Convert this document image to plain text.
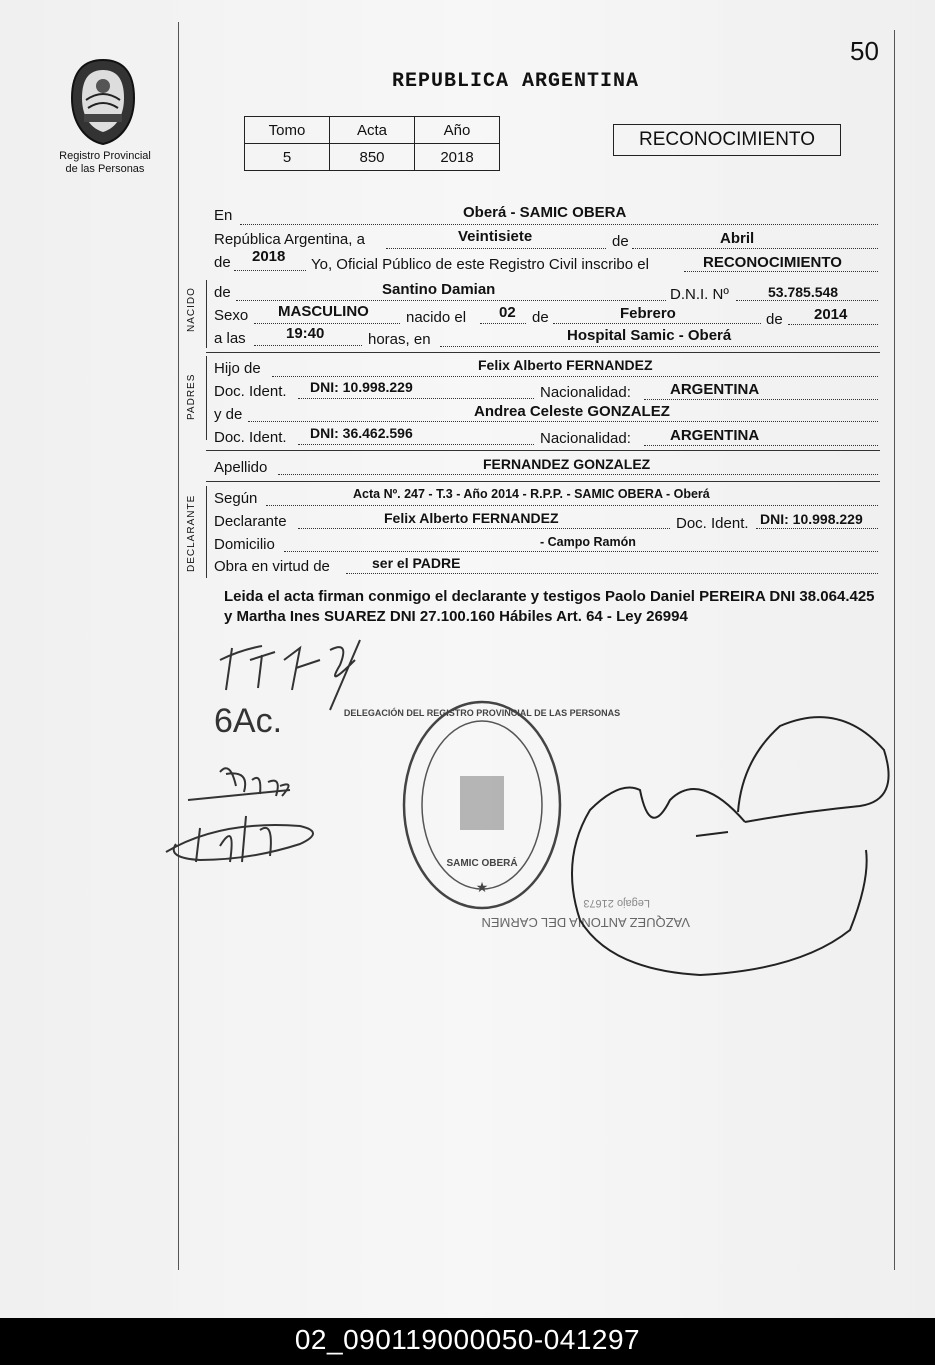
50
Registro Provincial
de las Personas
REPUBLICA ARGENTINA
Tomo	Acta	Año
5	850	2018
RECONOCIMIENTO
En	Oberá - SAMIC OBERA
República Argentina, a	Veintisiete	de	Abril
de 2018 Yo, Oficial Público de este Registro Civil inscribo el	RECONOCIMIENTO
NACIDO de	Santino Damian	D.N.I. Nº	53.785.548
Sexo MASCULINO nacido el 02 de	Febrero	de 2014
a las	19:40	horas, en	Hospital Samic - Oberá
PADRES
Hijo de	Felix Alberto FERNANDEZ
Doc. Ident. DNI: 10.998.229	Nacionalidad:	ARGENTINA
y de	Andrea Celeste GONZALEZ
Doc. Ident. DNI: 36.462.596	Nacionalidad:	ARGENTINA
Apellido	FERNANDEZ GONZALEZ
DECLARANTE Según	Acta Nº. 247 - T.3 - Año 2014 - R.P.P. - SAMIC OBERA - Oberá
Declarante	Felix Alberto FERNANDEZ	Doc. Ident. DNI: 10.998.229
Domicilio	- Campo Ramón
Obra en virtud de	ser el PADRE
Leida el acta firman conmigo el declarante y testigos Paolo Daniel PEREIRA DNI 38.064.425 y Martha Ines SUAREZ DNI 27.100.160 Hábiles Art. 64 - Ley 26994
6Ac.
★
DELEGACIÓN DEL REGISTRO PROVINCIAL DE LAS PERSONAS
SAMIC OBERÁ
VAZQUEZ ANTONIA DEL CARMEN
Legajo 21673
02_090119000050-041297
